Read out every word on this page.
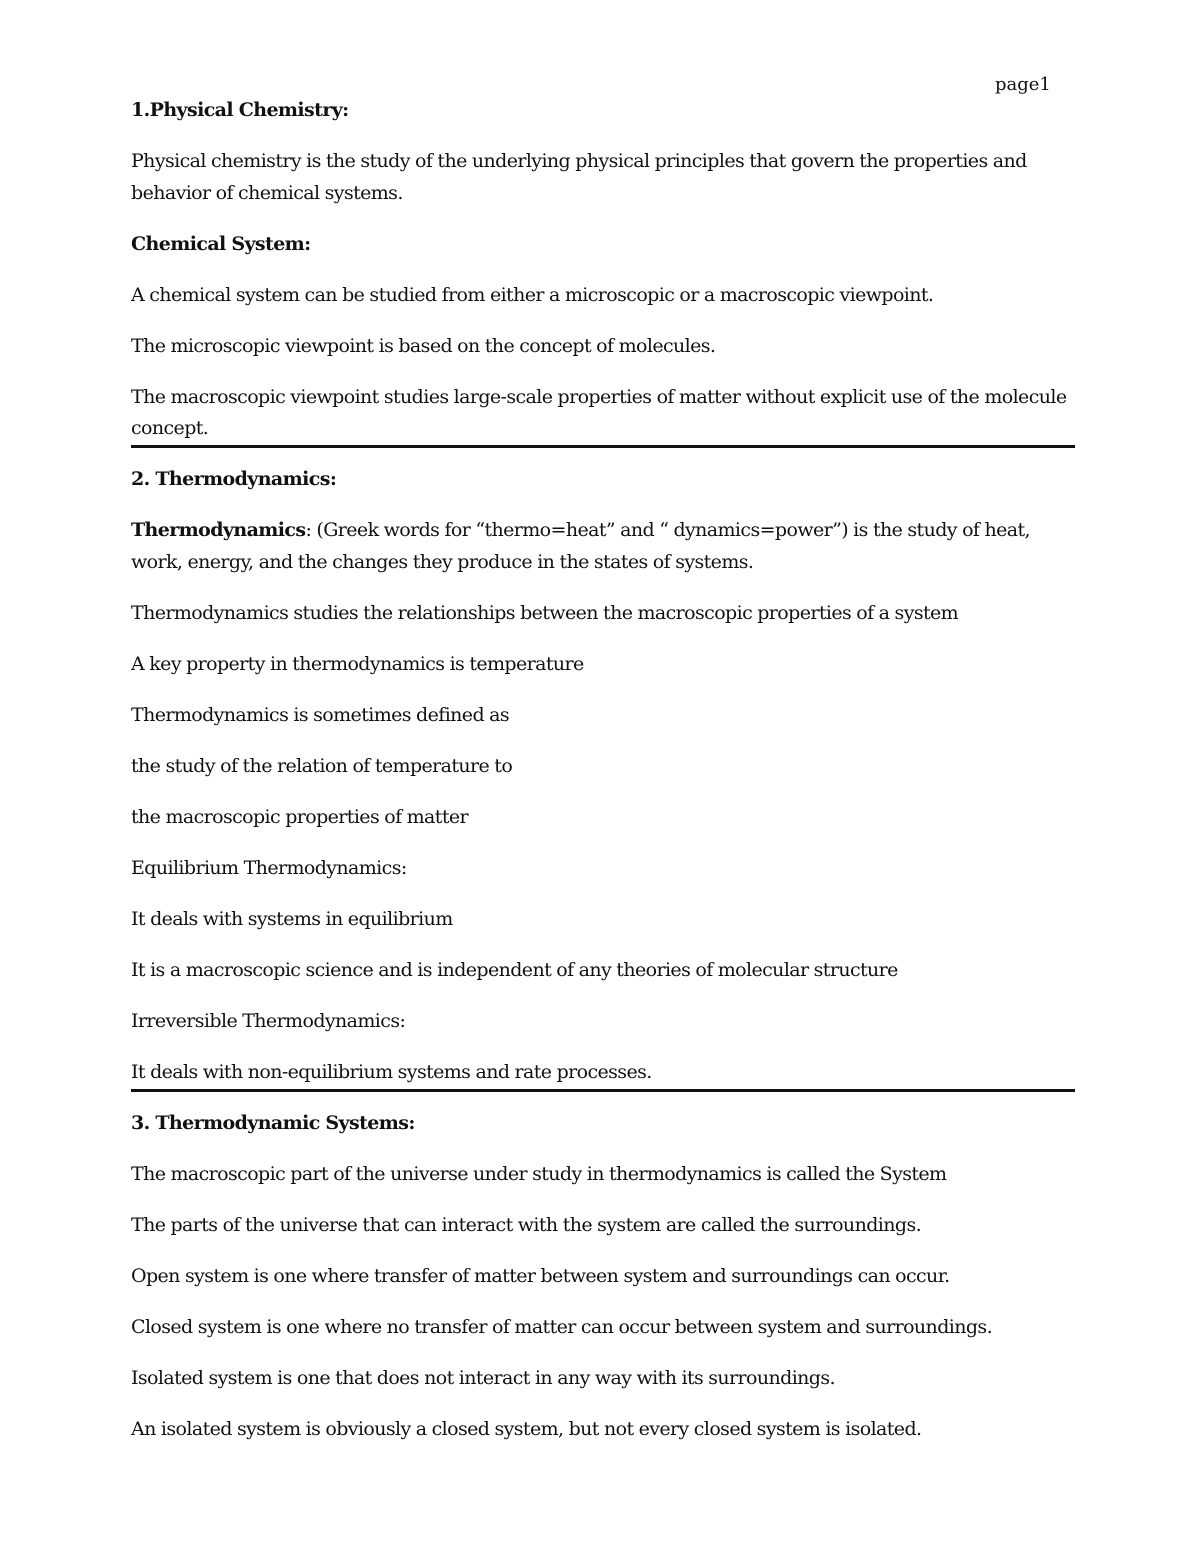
page1

1.Physical Chemistry:

Physical chemistry is the study of the underlying physical principles that govern the properties and behavior of chemical systems.

Chemical System:

A chemical system can be studied from either a microscopic or a macroscopic viewpoint.

The microscopic viewpoint is based on the concept of molecules.

The macroscopic viewpoint studies large-scale properties of matter without explicit use of the molecule concept.

2. Thermodynamics:

Thermodynamics: (Greek words for “thermo=heat” and “ dynamics=power”) is the study of heat, work, energy, and the changes they produce in the states of systems.

Thermodynamics studies the relationships between the macroscopic properties of a system

A key property in thermodynamics is temperature

Thermodynamics is sometimes defined as

the study of the relation of temperature to

the macroscopic properties of matter

Equilibrium Thermodynamics:

It deals with systems in equilibrium

It is a macroscopic science and is independent of any theories of molecular structure

Irreversible Thermodynamics:

It deals with non-equilibrium systems and rate processes.

3. Thermodynamic Systems:

The macroscopic part of the universe under study in thermodynamics is called the System

The parts of the universe that can interact with the system are called the surroundings.

Open system is one where transfer of matter between system and surroundings can occur.

Closed system is one where no transfer of matter can occur between system and surroundings.

Isolated system is one that does not interact in any way with its surroundings.

An isolated system is obviously a closed system, but not every closed system is isolated.
